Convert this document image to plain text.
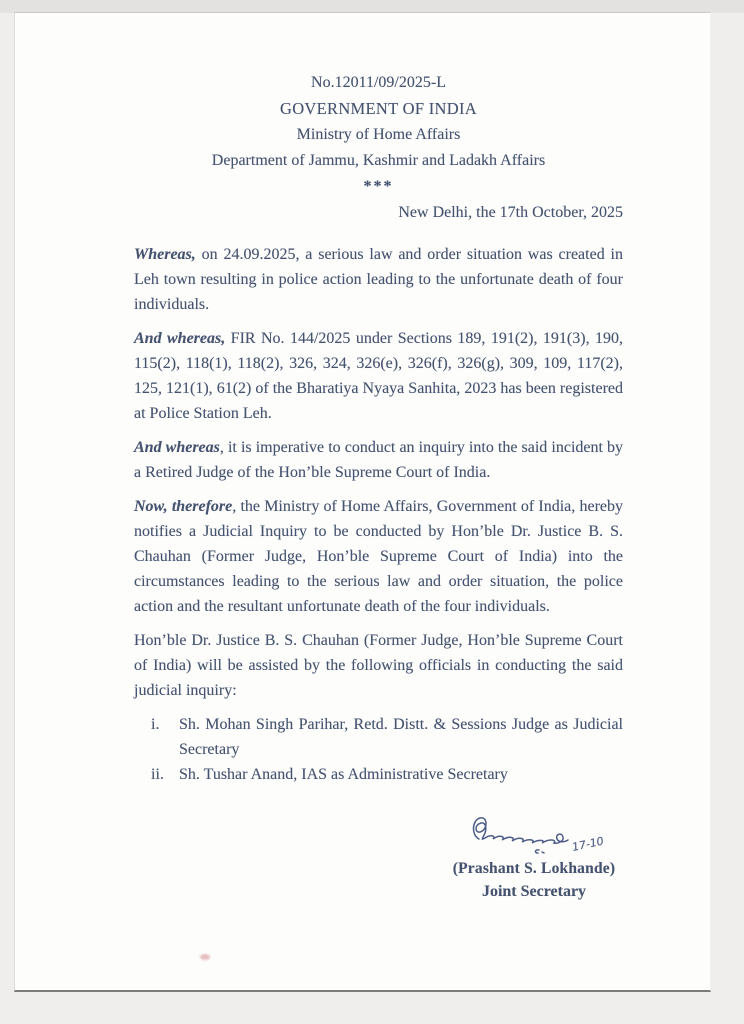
No.12011/09/2025-L
GOVERNMENT OF INDIA
Ministry of Home Affairs
Department of Jammu, Kashmir and Ladakh Affairs
***
New Delhi, the 17th October, 2025

Whereas, on 24.09.2025, a serious law and order situation was created in Leh town resulting in police action leading to the unfortunate death of four individuals.

And whereas, FIR No. 144/2025 under Sections 189, 191(2), 191(3), 190, 115(2), 118(1), 118(2), 326, 324, 326(e), 326(f), 326(g), 309, 109, 117(2), 125, 121(1), 61(2) of the Bharatiya Nyaya Sanhita, 2023 has been registered at Police Station Leh.

And whereas, it is imperative to conduct an inquiry into the said incident by a Retired Judge of the Hon’ble Supreme Court of India.

Now, therefore, the Ministry of Home Affairs, Government of India, hereby notifies a Judicial Inquiry to be conducted by Hon’ble Dr. Justice B. S. Chauhan (Former Judge, Hon’ble Supreme Court of India) into the circumstances leading to the serious law and order situation, the police action and the resultant unfortunate death of the four individuals.

Hon’ble Dr. Justice B. S. Chauhan (Former Judge, Hon’ble Supreme Court of India) will be assisted by the following officials in conducting the said judicial inquiry:

i.	Sh. Mohan Singh Parihar, Retd. Distt. & Sessions Judge as Judicial Secretary
ii. Sh. Tushar Anand, IAS as Administrative Secretary
17-10
(Prashant S. Lokhande)
Joint Secretary
